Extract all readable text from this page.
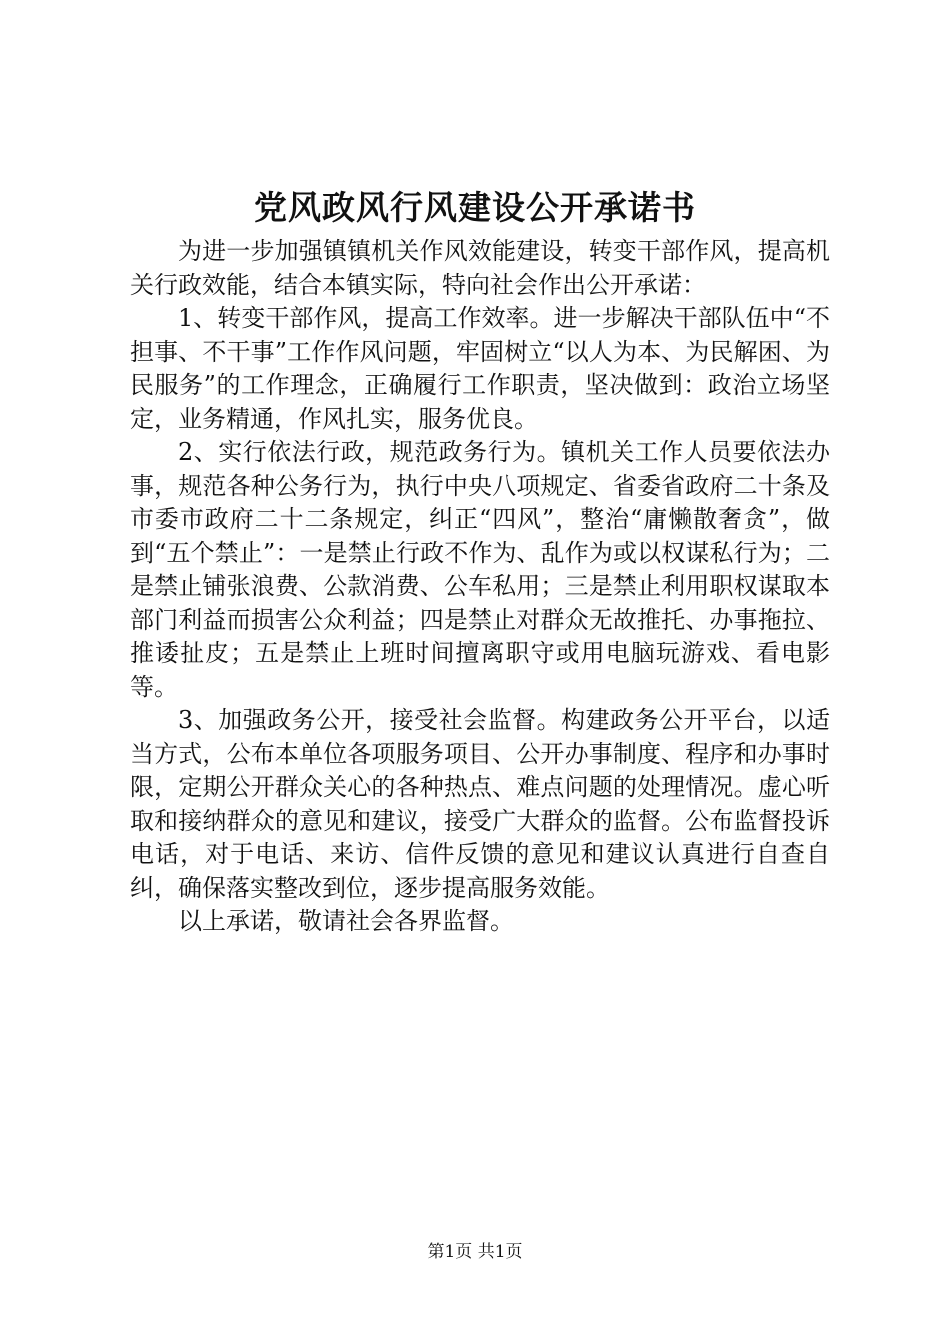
党风政风行风建设公开承诺书

为进一步加强镇镇机关作风效能建设，转变干部作风，提高机关行政效能，结合本镇实际，特向社会作出公开承诺：

1、转变干部作风，提高工作效率。进一步解决干部队伍中“不担事、不干事”工作作风问题，牢固树立“以人为本、为民解困、为民服务”的工作理念，正确履行工作职责，坚决做到：政治立场坚定，业务精通，作风扎实，服务优良。

2、实行依法行政，规范政务行为。镇机关工作人员要依法办事，规范各种公务行为，执行中央八项规定、省委省政府二十条及市委市政府二十二条规定，纠正“四风”，整治“庸懒散奢贪”，做到“五个禁止”：一是禁止行政不作为、乱作为或以权谋私行为；二是禁止铺张浪费、公款消费、公车私用；三是禁止利用职权谋取本部门利益而损害公众利益；四是禁止对群众无故推托、办事拖拉、推诿扯皮；五是禁止上班时间擅离职守或用电脑玩游戏、看电影等。

3、加强政务公开，接受社会监督。构建政务公开平台，以适当方式，公布本单位各项服务项目、公开办事制度、程序和办事时限，定期公开群众关心的各种热点、难点问题的处理情况。虚心听取和接纳群众的意见和建议，接受广大群众的监督。公布监督投诉电话，对于电话、来访、信件反馈的意见和建议认真进行自查自纠，确保落实整改到位，逐步提高服务效能。

以上承诺，敬请社会各界监督。

第1页 共1页
